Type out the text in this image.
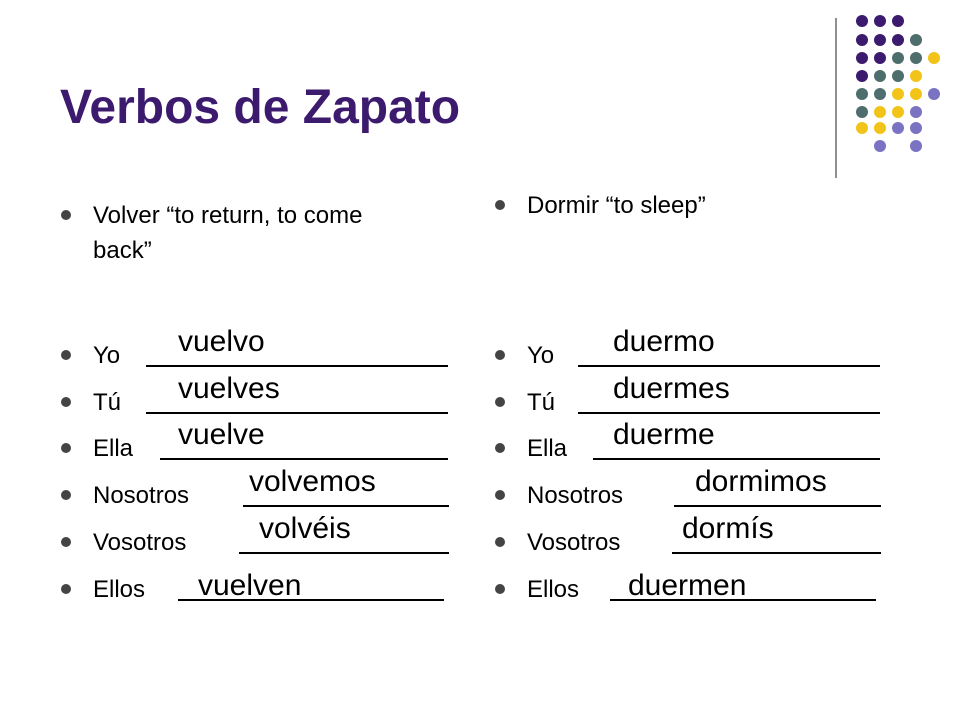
Verbos de Zapato
Volver “to return, to come back”
Yo vuelvo
Tú vuelves
Ella vuelve
Nosotros volvemos
Vosotros volvéis
Ellos vuelven
Dormir “to sleep”
Yo duermo
Tú duermes
Ella duerme
Nosotros dormimos
Vosotros dormís
Ellos duermen
